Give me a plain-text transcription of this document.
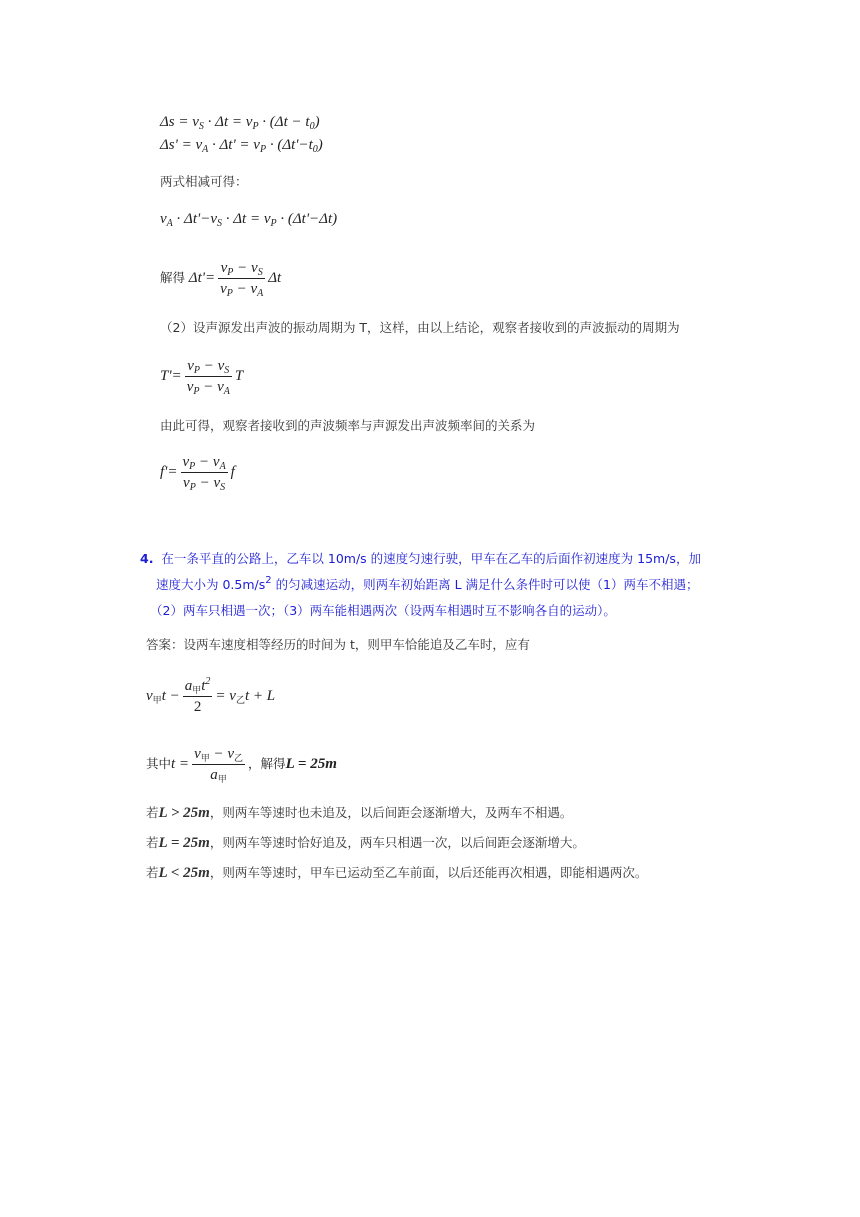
$\Delta s = v_S \cdot \Delta t = v_P \cdot (\Delta t - t_0)$
$\Delta s' = v_A \cdot \Delta t' = v_P \cdot (\Delta t'-t_0)$
两式相减可得：
$v_A \cdot \Delta t'-v_S \cdot \Delta t = v_P \cdot (\Delta t'-\Delta t)$
解得 $\Delta t'= \frac{v_P - v_S}{v_P - v_A}$ Δt
（2）设声源发出声波的振动周期为 T，这样，由以上结论，观察者接收到的声波振动的周期为
$T'= \frac{v_P - v_S}{v_P - v_A}$ T
由此可得，观察者接收到的声波频率与声源发出声波频率间的关系为
$f'= \frac{v_P - v_A}{v_P - v_S}$ f
4. 在一条平直的公路上，乙车以 10m/s 的速度匀速行驶，甲车在乙车的后面作初速度为 15m/s，加
速度大小为 $0.5m/s^2$ 的匀减速运动，则两车初始距离 L 满足什么条件时可以使（1）两车不相遇；
（2）两车只相遇一次；（3）两车能相遇两次（设两车相遇时互不影响各自的运动）。
答案：设两车速度相等经历的时间为 t，则甲车恰能追及乙车时，应有
$v_甲t - \frac{a_甲t^2}{2} = v_乙t + L$
其中$t = \frac{v_甲 - v_乙}{a_甲}$ ，解得L = 25m
若L > 25m，则两车等速时也未追及，以后间距会逐渐增大，及两车不相遇。
若L = 25m，则两车等速时恰好追及，两车只相遇一次，以后间距会逐渐增大。
若L < 25m，则两车等速时，甲车已运动至乙车前面，以后还能再次相遇，即能相遇两次。
